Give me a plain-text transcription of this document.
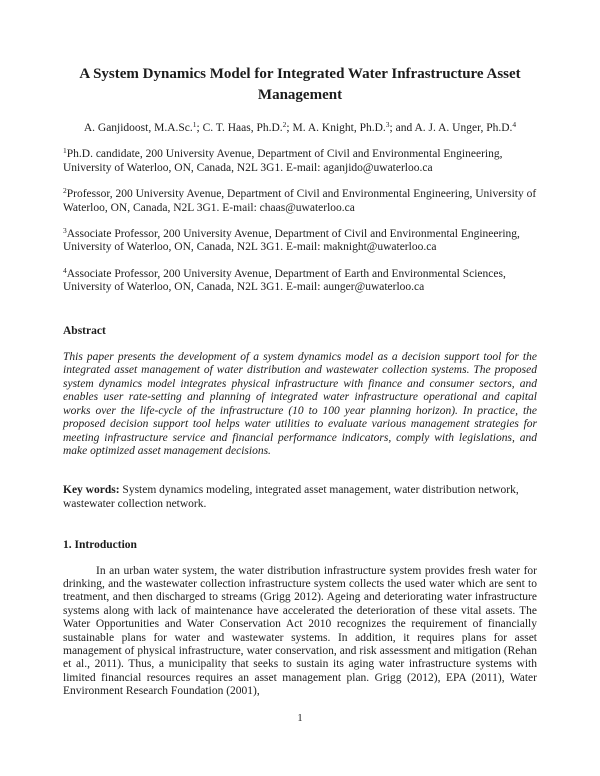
A System Dynamics Model for Integrated Water Infrastructure Asset Management

A. Ganjidoost, M.A.Sc.$^1$; C. T. Haas, Ph.D.$^2$; M. A. Knight, Ph.D.$^3$; and A. J. A. Unger, Ph.D.$^4$

$^1$Ph.D. candidate, 200 University Avenue, Department of Civil and Environmental Engineering, University of Waterloo, ON, Canada, N2L 3G1. E-mail: aganjido@uwaterloo.ca

$^2$Professor, 200 University Avenue, Department of Civil and Environmental Engineering, University of Waterloo, ON, Canada, N2L 3G1. E-mail: chaas@uwaterloo.ca

$^3$Associate Professor, 200 University Avenue, Department of Civil and Environmental Engineering, University of Waterloo, ON, Canada, N2L 3G1. E-mail: maknight@uwaterloo.ca

$^4$Associate Professor, 200 University Avenue, Department of Earth and Environmental Sciences, University of Waterloo, ON, Canada, N2L 3G1. E-mail: aunger@uwaterloo.ca

Abstract

This paper presents the development of a system dynamics model as a decision support tool for the integrated asset management of water distribution and wastewater collection systems. The proposed system dynamics model integrates physical infrastructure with finance and consumer sectors, and enables user rate-setting and planning of integrated water infrastructure operational and capital works over the life-cycle of the infrastructure (10 to 100 year planning horizon). In practice, the proposed decision support tool helps water utilities to evaluate various management strategies for meeting infrastructure service and financial performance indicators, comply with legislations, and make optimized asset management decisions.

Key words: System dynamics modeling, integrated asset management, water distribution network, wastewater collection network.

1. Introduction

In an urban water system, the water distribution infrastructure system provides fresh water for drinking, and the wastewater collection infrastructure system collects the used water which are sent to treatment, and then discharged to streams (Grigg 2012). Ageing and deteriorating water infrastructure systems along with lack of maintenance have accelerated the deterioration of these vital assets. The Water Opportunities and Water Conservation Act 2010 recognizes the requirement of financially sustainable plans for water and wastewater systems. In addition, it requires plans for asset management of physical infrastructure, water conservation, and risk assessment and mitigation (Rehan et al., 2011). Thus, a municipality that seeks to sustain its aging water infrastructure systems with limited financial resources requires an asset management plan. Grigg (2012), EPA (2011), Water Environment Research Foundation (2001),

1
